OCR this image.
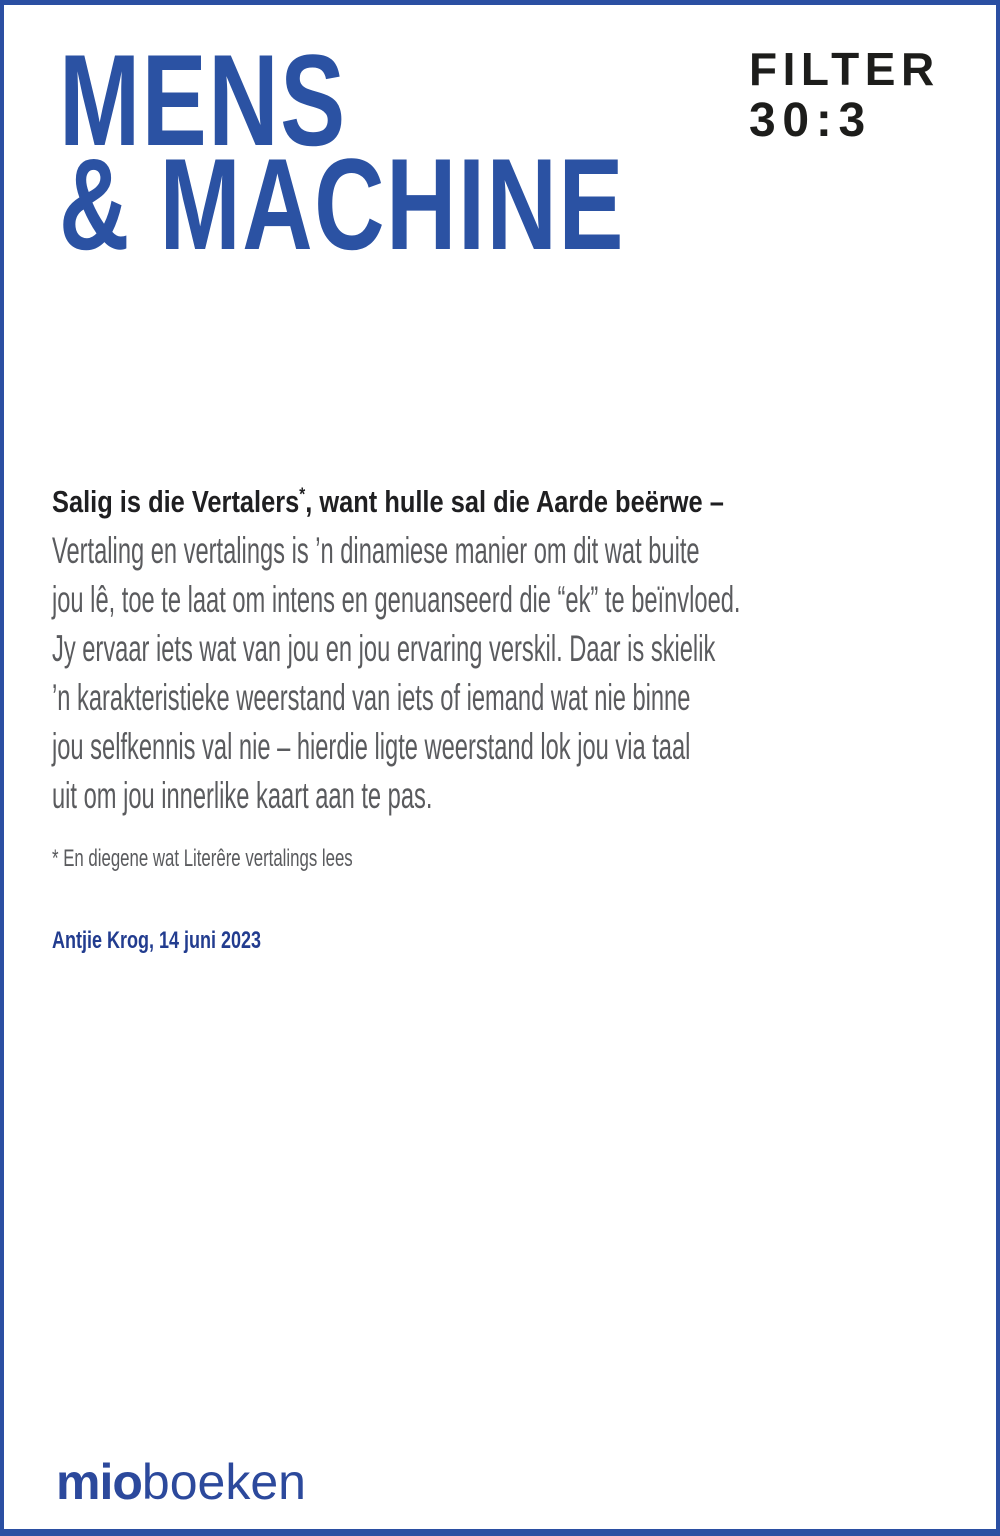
MENS
& MACHINE
FILTER
30:3
Salig is die Vertalers*, want hulle sal die Aarde beërwe –
Vertaling en vertalings is ’n dinamiese manier om dit wat buite
jou lê, toe te laat om intens en genuanseerd die “ek” te beïnvloed.
Jy ervaar iets wat van jou en jou ervaring verskil. Daar is skielik
’n karakteristieke weerstand van iets of iemand wat nie binne
jou selfkennis val nie – hierdie ligte weerstand lok jou via taal
uit om jou innerlike kaart aan te pas.
* En diegene wat Literêre vertalings lees
Antjie Krog, 14 juni 2023
mioboeken
